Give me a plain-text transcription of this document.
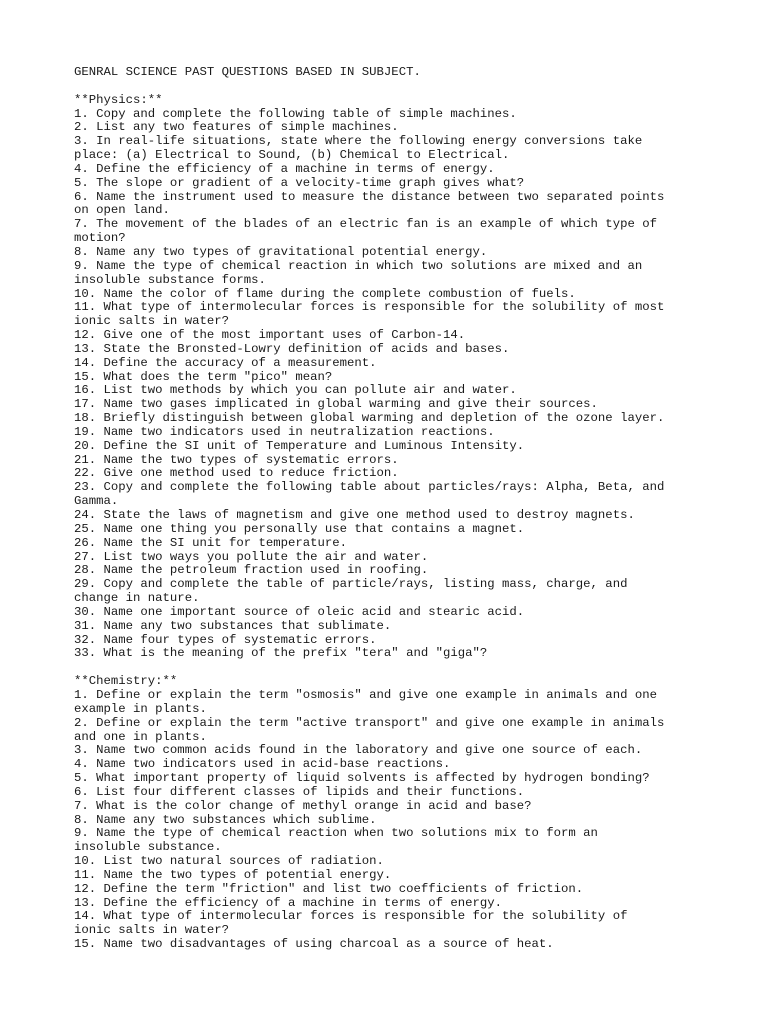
GENRAL SCIENCE PAST QUESTIONS BASED IN SUBJECT.
**Physics:**
1. Copy and complete the following table of simple machines.
2. List any two features of simple machines.
3. In real-life situations, state where the following energy conversions take
place: (a) Electrical to Sound, (b) Chemical to Electrical.
4. Define the efficiency of a machine in terms of energy.
5. The slope or gradient of a velocity-time graph gives what?
6. Name the instrument used to measure the distance between two separated points
on open land.
7. The movement of the blades of an electric fan is an example of which type of
motion?
8. Name any two types of gravitational potential energy.
9. Name the type of chemical reaction in which two solutions are mixed and an
insoluble substance forms.
10. Name the color of flame during the complete combustion of fuels.
11. What type of intermolecular forces is responsible for the solubility of most
ionic salts in water?
12. Give one of the most important uses of Carbon-14.
13. State the Bronsted-Lowry definition of acids and bases.
14. Define the accuracy of a measurement.
15. What does the term "pico" mean?
16. List two methods by which you can pollute air and water.
17. Name two gases implicated in global warming and give their sources.
18. Briefly distinguish between global warming and depletion of the ozone layer.
19. Name two indicators used in neutralization reactions.
20. Define the SI unit of Temperature and Luminous Intensity.
21. Name the two types of systematic errors.
22. Give one method used to reduce friction.
23. Copy and complete the following table about particles/rays: Alpha, Beta, and
Gamma.
24. State the laws of magnetism and give one method used to destroy magnets.
25. Name one thing you personally use that contains a magnet.
26. Name the SI unit for temperature.
27. List two ways you pollute the air and water.
28. Name the petroleum fraction used in roofing.
29. Copy and complete the table of particle/rays, listing mass, charge, and
change in nature.
30. Name one important source of oleic acid and stearic acid.
31. Name any two substances that sublimate.
32. Name four types of systematic errors.
33. What is the meaning of the prefix "tera" and "giga"?
**Chemistry:**
1. Define or explain the term "osmosis" and give one example in animals and one
example in plants.
2. Define or explain the term "active transport" and give one example in animals
and one in plants.
3. Name two common acids found in the laboratory and give one source of each.
4. Name two indicators used in acid-base reactions.
5. What important property of liquid solvents is affected by hydrogen bonding?
6. List four different classes of lipids and their functions.
7. What is the color change of methyl orange in acid and base?
8. Name any two substances which sublime.
9. Name the type of chemical reaction when two solutions mix to form an
insoluble substance.
10. List two natural sources of radiation.
11. Name the two types of potential energy.
12. Define the term "friction" and list two coefficients of friction.
13. Define the efficiency of a machine in terms of energy.
14. What type of intermolecular forces is responsible for the solubility of
ionic salts in water?
15. Name two disadvantages of using charcoal as a source of heat.
